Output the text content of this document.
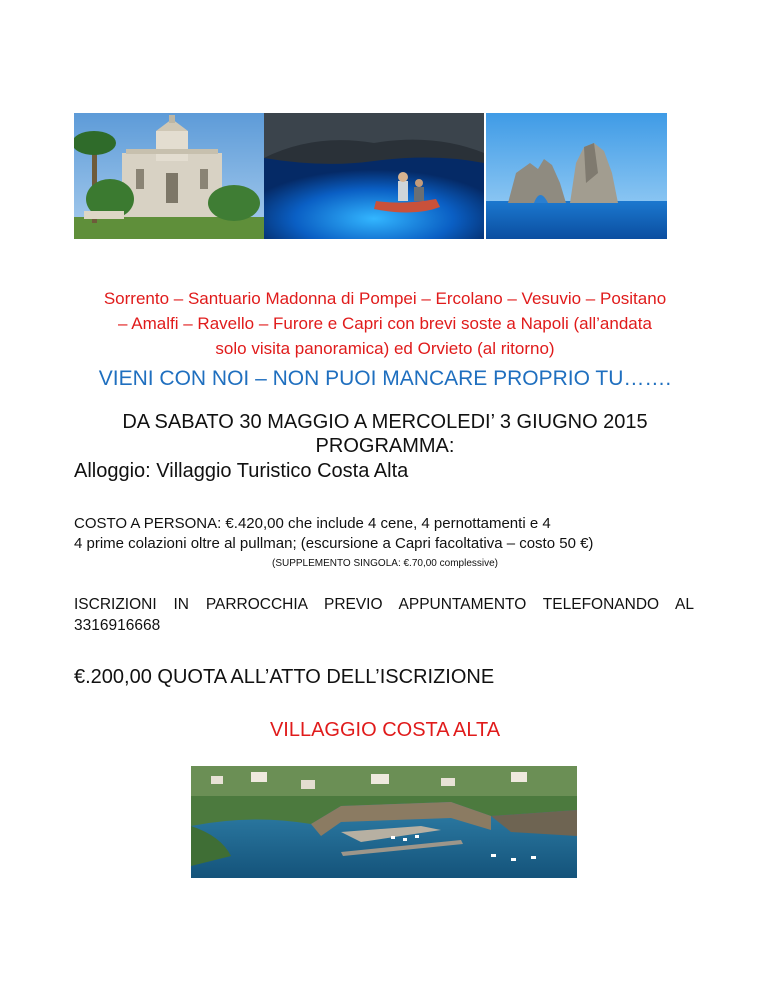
Sorrento – Santuario Madonna di Pompei – Ercolano – Vesuvio – Positano
– Amalfi – Ravello – Furore e Capri con brevi soste a Napoli (all’andata
solo visita panoramica) ed Orvieto (al ritorno)
VIENI CON NOI – NON PUOI MANCARE PROPRIO TU…….
DA SABATO 30 MAGGIO A MERCOLEDI’ 3 GIUGNO 2015
PROGRAMMA:
Alloggio: Villaggio Turistico Costa Alta
COSTO A PERSONA: €.420,00 che include 4 cene, 4 pernottamenti e 4
4 prime colazioni oltre al pullman; (escursione a Capri facoltativa – costo 50 €)
(SUPPLEMENTO SINGOLA: €.70,00 complessive)
ISCRIZIONI IN PARROCCHIA PREVIO APPUNTAMENTO TELEFONANDO AL 3316916668
€.200,00 QUOTA ALL’ATTO DELL’ISCRIZIONE
VILLAGGIO COSTA ALTA
